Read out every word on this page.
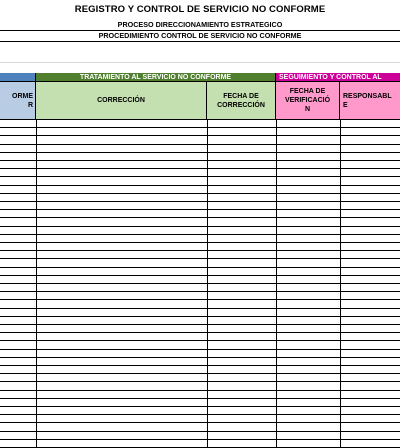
REGISTRO Y CONTROL DE SERVICIO NO CONFORME
PROCESO DIRECCIONAMIENTO ESTRATEGICO
PROCEDIMIENTO CONTROL DE SERVICIO NO CONFORME
TRATAMIENTO AL SERVICIO NO CONFORME	SEGUIMIENTO Y CONTROL AL
ORME
R
CORRECCIÓN
FECHA DE
CORRECCIÓN
FECHA DE
VERIFICACIÓ
N
RESPONSABL
E
